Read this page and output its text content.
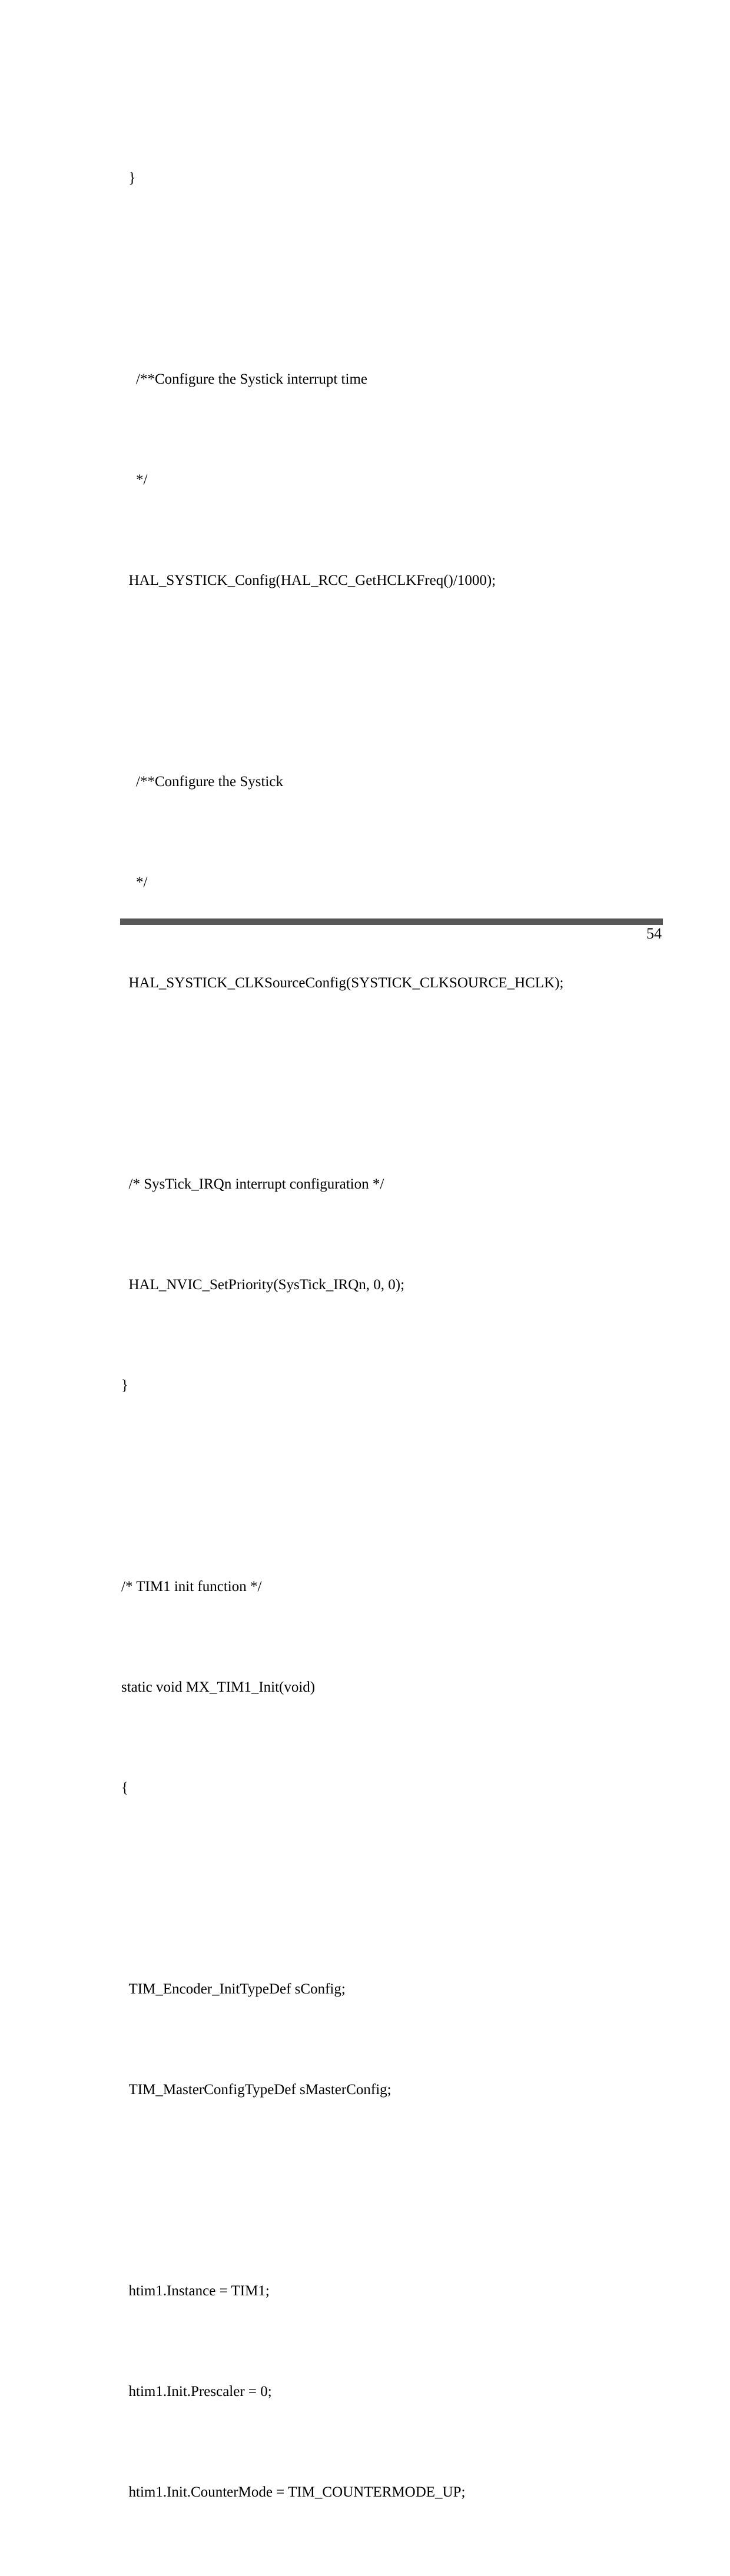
}

/**Configure the Systick interrupt time

*/

HAL_SYSTICK_Config(HAL_RCC_GetHCLKFreq()/1000);

/**Configure the Systick

*/

HAL_SYSTICK_CLKSourceConfig(SYSTICK_CLKSOURCE_HCLK);

/* SysTick_IRQn interrupt configuration */

HAL_NVIC_SetPriority(SysTick_IRQn, 0, 0);

}

/* TIM1 init function */

static void MX_TIM1_Init(void)

{

TIM_Encoder_InitTypeDef sConfig;

TIM_MasterConfigTypeDef sMasterConfig;

htim1.Instance = TIM1;

htim1.Init.Prescaler = 0;

htim1.Init.CounterMode = TIM_COUNTERMODE_UP;

54
